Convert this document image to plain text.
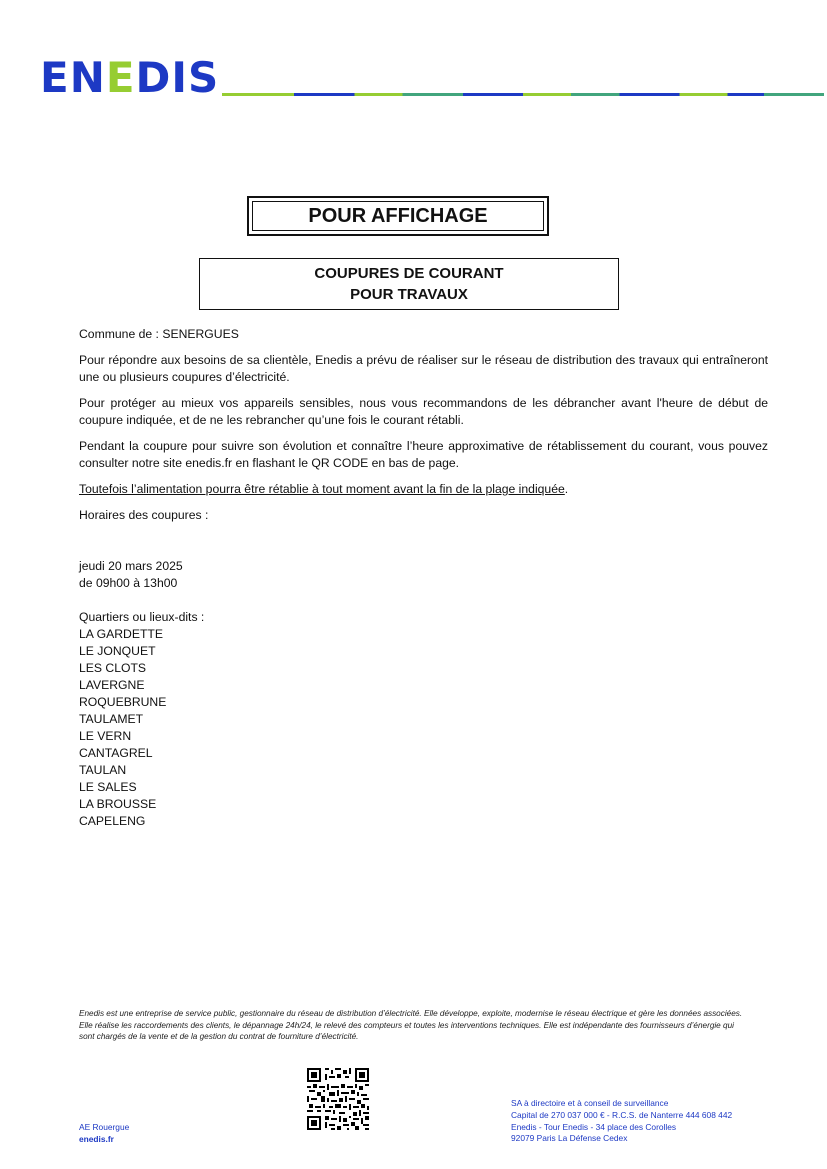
ENEDIS
POUR AFFICHAGE
COUPURES DE COURANT
POUR TRAVAUX

Commune de : SENERGUES

Pour répondre aux besoins de sa clientèle, Enedis a prévu de réaliser sur le réseau de distribution des travaux qui entraîneront une ou plusieurs coupures d’électricité.

Pour protéger au mieux vos appareils sensibles, nous vous recommandons de les débrancher avant l'heure de début de coupure indiquée, et de ne les rebrancher qu’une fois le courant rétabli.

Pendant la coupure pour suivre son évolution et connaître l’heure approximative de rétablissement du courant, vous pouvez consulter notre site enedis.fr en flashant le QR CODE en bas de page.

Toutefois l’alimentation pourra être rétablie à tout moment avant la fin de la plage indiquée.

Horaires des coupures :

jeudi 20 mars 2025
de 09h00 à 13h00
Quartiers ou lieux-dits :
LA GARDETTE
LE JONQUET
LES CLOTS
LAVERGNE
ROQUEBRUNE
TAULAMET
LE VERN
CANTAGREL
TAULAN
LE SALES
LA BROUSSE
CAPELENG
Enedis est une entreprise de service public, gestionnaire du réseau de distribution d’électricité. Elle développe, exploite, modernise le réseau électrique et gère les données associées. Elle réalise les raccordements des clients, le dépannage 24h/24, le relevé des compteurs et toutes les interventions techniques. Elle est indépendante des fournisseurs d’énergie qui sont chargés de la vente et de la gestion du contrat de fourniture d’électricité.
AE Rouergue
enedis.fr
SA à directoire et à conseil de surveillance
Capital de 270 037 000 € - R.C.S. de Nanterre 444 608 442
Enedis - Tour Enedis - 34 place des Corolles
92079 Paris La Défense Cedex
